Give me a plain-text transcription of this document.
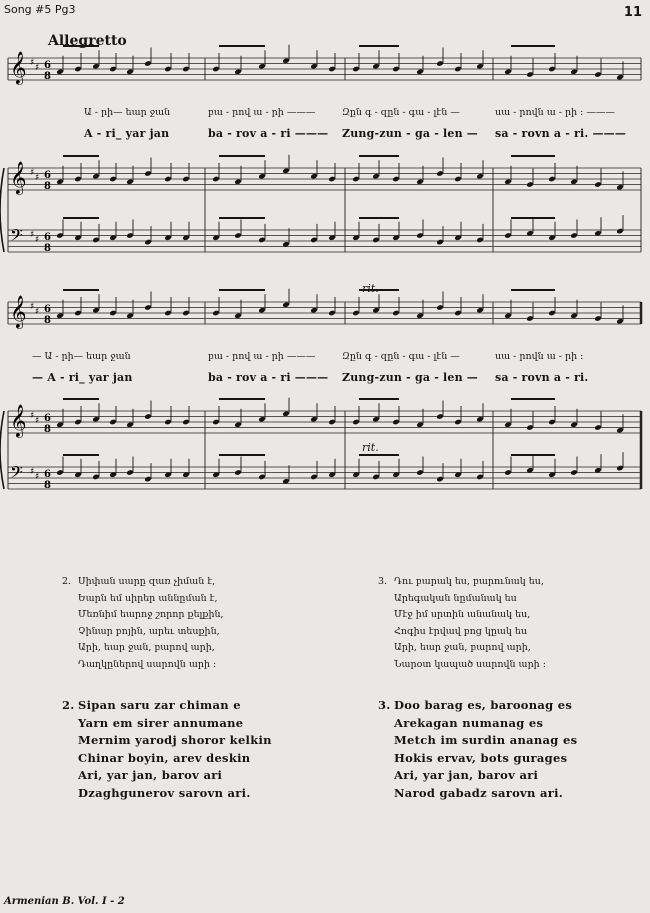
Song #5 Pg3	11
Allegretto
rit.
rit.
𝄞 ♯ ♯ 6
8
𝄞 ♯ ♯ 6
8
𝄢 ♯ ♯ 6
8
𝄞 ♯ ♯ 6
8
𝄞 ♯ ♯ 6
8
𝄢 ♯ ♯ 6
8
Ա - րի— եար ջան	բա - րով ա - րի ———	Զըն գ - զըն - գա - լէն —	սա - րովն ա - րի : ———
A - ri_ yar jan	ba - rov a - ri ——— Zung-zun - ga - len — sa - rovn a - ri. ———
— Ա - րի— եար ջան	բա - րով ա - րի ———	Զըն գ - զըն - գա - լէն —	սա - րովն ա - րի :
— A - ri_ yar jan	ba - rov a - ri ——— Zung-zun - ga - len — sa - rovn a - ri.
2. Սիփան սարը զառ չիման է,
Եարն եմ սիրեր աննըման է,
Մեռնիմ եարոջ շորոր քելքին,
Չինար բոյին, արեւ տեսքին,
Արի, եար ջան, բարով արի,
Դաղկըներով սարովն արի :
3. Դու բարակ ես, բարունակ ես,
Արեգական նըմանակ ես
Մէջ իմ սրտին անանակ ես,
Հոգիս էրվավ բոց կըակ ես
Արի, եար ջան, բարով արի,
Նարօտ կապած սարովն արի :
2. Sipan saru zar chiman e
Yarn em sirer annumane
Mernim yarodj shoror kelkin
Chinar boyin, arev deskin
Ari, yar jan, barov ari
Dzaghgunerov sarovn ari.
3. Doo barag es, baroonag es
Arekagan numanag es
Metch im surdin ananag es
Hokis ervav, bots gurages
Ari, yar jan, barov ari
Narod gabadz sarovn ari.
Armenian B. Vol. I - 2
